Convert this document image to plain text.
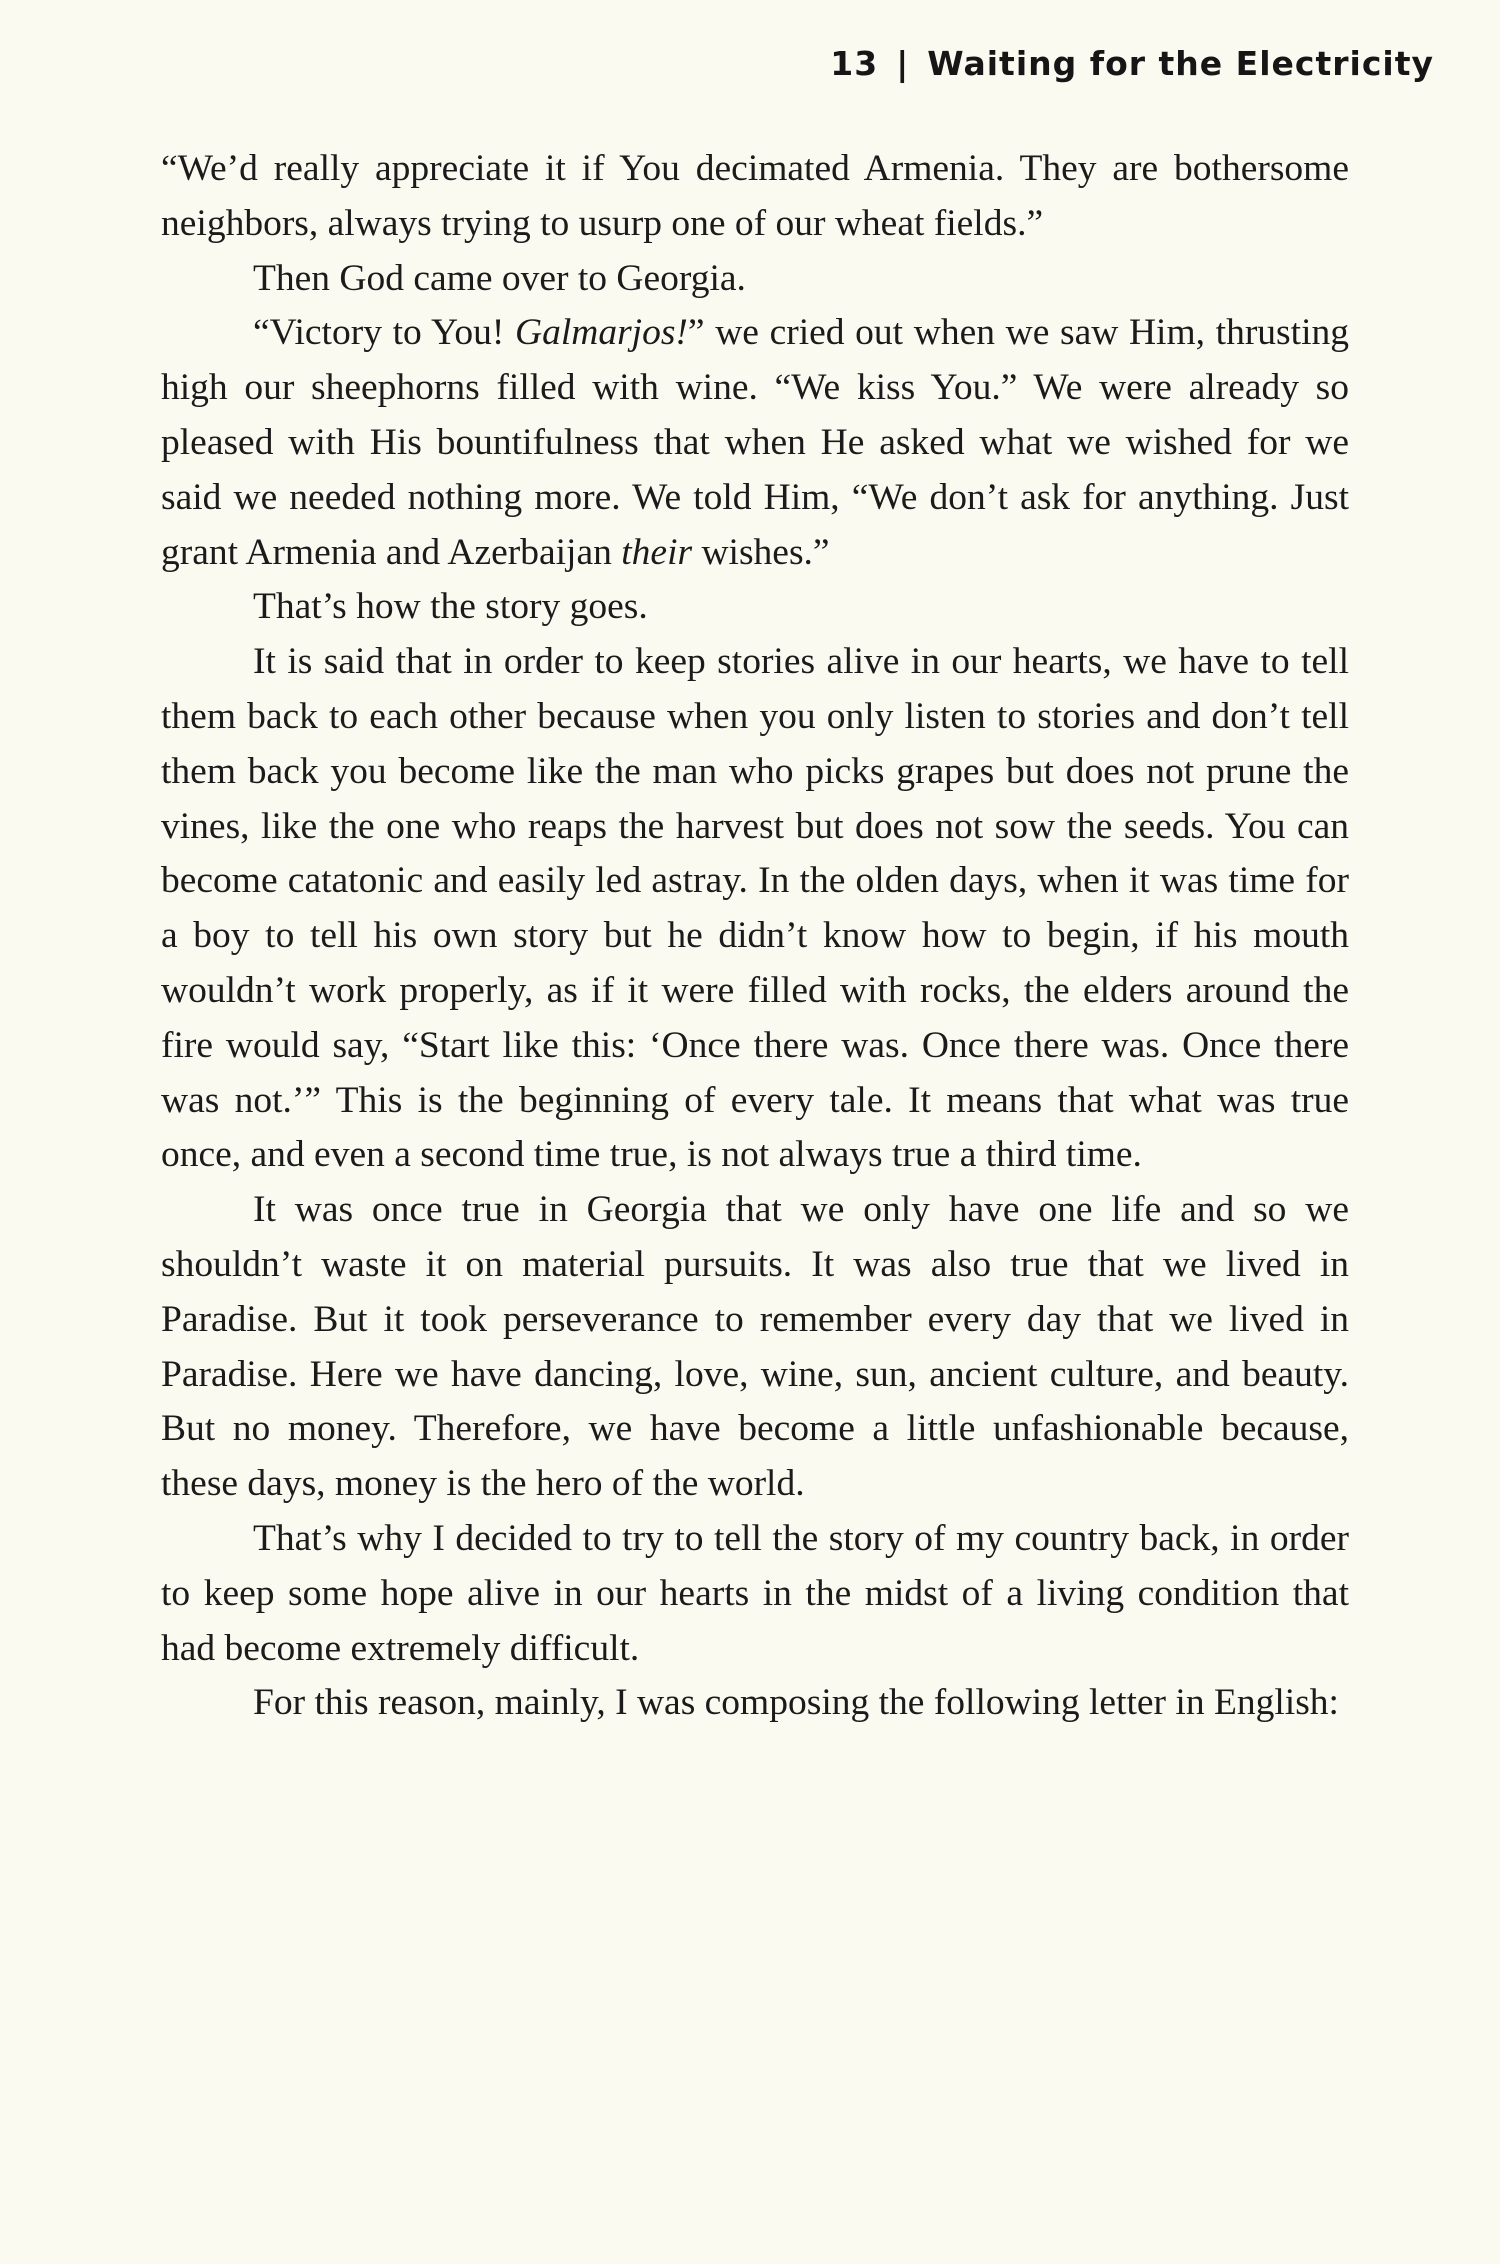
13 | Waiting for the Electricity

“We’d really appreciate it if You decimated Armenia. They are bothersome neighbors, always trying to usurp one of our wheat fields.”

Then God came over to Georgia.

“Victory to You! Galmarjos!” we cried out when we saw Him, thrusting high our sheephorns filled with wine. “We kiss You.” We were already so pleased with His bountifulness that when He asked what we wished for we said we needed nothing more. We told Him, “We don’t ask for anything. Just grant Armenia and Azerbaijan their wishes.”

That’s how the story goes.

It is said that in order to keep stories alive in our hearts, we have to tell them back to each other because when you only listen to stories and don’t tell them back you become like the man who picks grapes but does not prune the vines, like the one who reaps the harvest but does not sow the seeds. You can become catatonic and easily led astray. In the olden days, when it was time for a boy to tell his own story but he didn’t know how to begin, if his mouth wouldn’t work properly, as if it were filled with rocks, the elders around the fire would say, “Start like this: ‘Once there was. Once there was. Once there was not.’” This is the beginning of every tale. It means that what was true once, and even a second time true, is not always true a third time.

It was once true in Georgia that we only have one life and so we shouldn’t waste it on material pursuits. It was also true that we lived in Paradise. But it took perseverance to remember every day that we lived in Paradise. Here we have dancing, love, wine, sun, ancient culture, and beauty. But no money. Therefore, we have become a little unfashionable because, these days, money is the hero of the world.

That’s why I decided to try to tell the story of my country back, in order to keep some hope alive in our hearts in the midst of a living condition that had become extremely difficult.

For this reason, mainly, I was composing the following letter in English:
